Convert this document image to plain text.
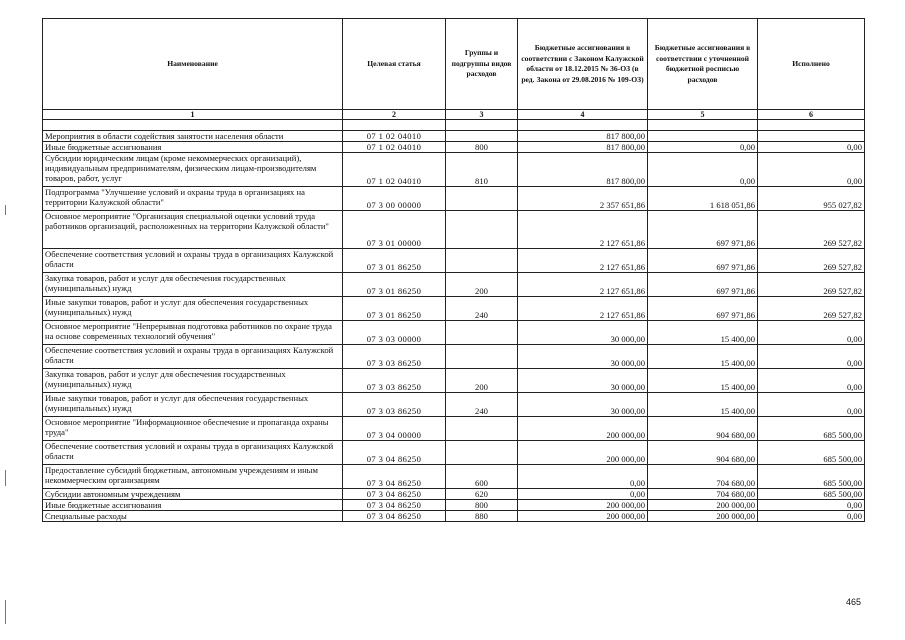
Наименование	Целевая статья	Группы и подгруппы видов расходов	Бюджетные ассигнования в соответствии с Законом Калужской области от 18.12.2015 № 36-ОЗ (в ред. Закона от 29.08.2016 № 109-ОЗ)	Бюджетные ассигнования в соответствии с уточненной бюджетной росписью расходов	Исполнено
1	2	3	4	5	6

Мероприятия в области содействия занятости населения области	07 1 02 04010		817 800,00		
Иные бюджетные ассигнования	07 1 02 04010	800	817 800,00	0,00	0,00
Субсидии юридическим лицам (кроме некоммерческих организаций), индивидуальным предпринимателям, физическим лицам-производителям товаров, работ, услуг	07 1 02 04010	810	817 800,00	0,00	0,00
Подпрограмма "Улучшение условий и охраны труда в организациях на территории Калужской области"	07 3 00 00000		2 357 651,86	1 618 051,86	955 027,82
Основное мероприятие "Организация специальной оценки условий труда работников организаций, расположенных на территории Калужской области"	07 3 01 00000		2 127 651,86	697 971,86	269 527,82
Обеспечение соответствия условий и охраны труда в организациях Калужской области	07 3 01 86250		2 127 651,86	697 971,86	269 527,82
Закупка товаров, работ и услуг для обеспечения государственных (муниципальных) нужд	07 3 01 86250	200	2 127 651,86	697 971,86	269 527,82
Иные закупки товаров, работ и услуг для обеспечения государственных (муниципальных) нужд	07 3 01 86250	240	2 127 651,86	697 971,86	269 527,82
Основное мероприятие "Непрерывная подготовка работников по охране труда на основе современных технологий обучения"	07 3 03 00000		30 000,00	15 400,00	0,00
Обеспечение соответствия условий и охраны труда в организациях Калужской области	07 3 03 86250		30 000,00	15 400,00	0,00
Закупка товаров, работ и услуг для обеспечения государственных (муниципальных) нужд	07 3 03 86250	200	30 000,00	15 400,00	0,00
Иные закупки товаров, работ и услуг для обеспечения государственных (муниципальных) нужд	07 3 03 86250	240	30 000,00	15 400,00	0,00
Основное мероприятие "Информационное обеспечение и пропаганда охраны труда"	07 3 04 00000		200 000,00	904 680,00	685 500,00
Обеспечение соответствия условий и охраны труда в организациях Калужской области	07 3 04 86250		200 000,00	904 680,00	685 500,00
Предоставление субсидий бюджетным, автономным учреждениям и иным некоммерческим организациям	07 3 04 86250	600	0,00	704 680,00	685 500,00
Субсидии автономным учреждениям	07 3 04 86250	620	0,00	704 680,00	685 500,00
Иные бюджетные ассигнования	07 3 04 86250	800	200 000,00	200 000,00	0,00
Специальные расходы	07 3 04 86250	880	200 000,00	200 000,00	0,00
465
